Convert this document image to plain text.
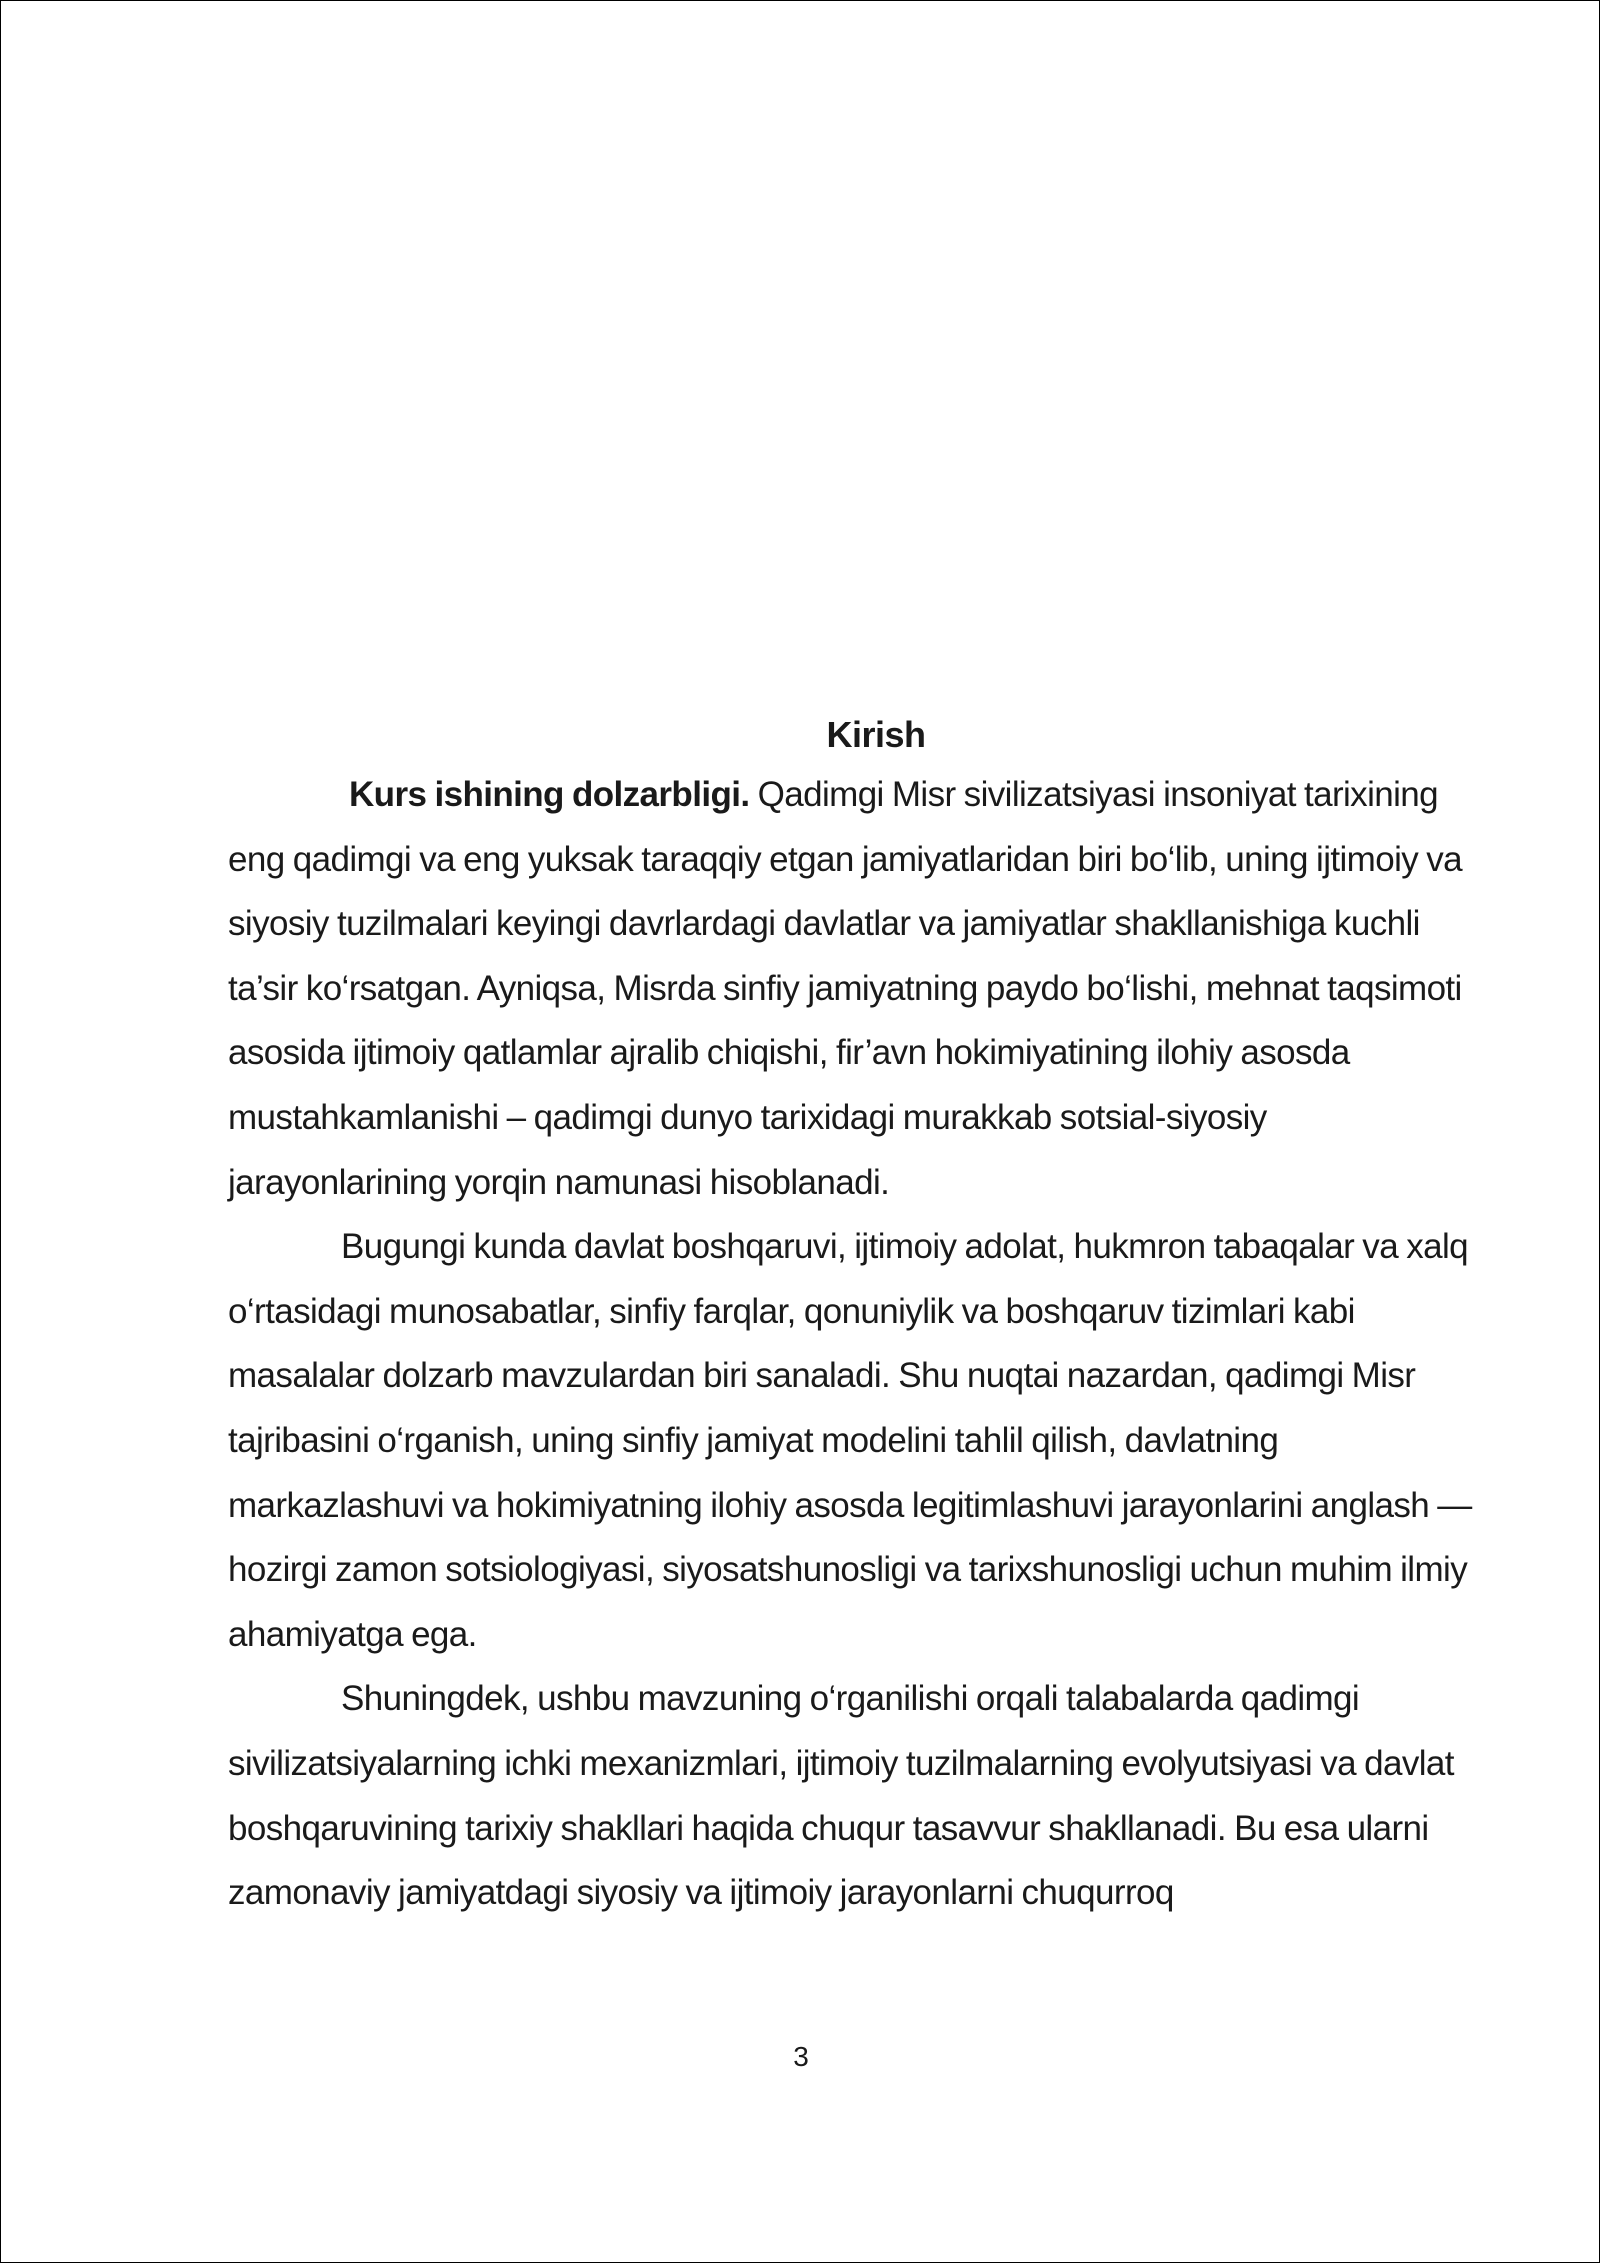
Kirish

Kurs ishining dolzarbligi. Qadimgi Misr sivilizatsiyasi insoniyat tarixining eng qadimgi va eng yuksak taraqqiy etgan jamiyatlaridan biri bo‘lib, uning ijtimoiy va siyosiy tuzilmalari keyingi davrlardagi davlatlar va jamiyatlar shakllanishiga kuchli ta’sir ko‘rsatgan. Ayniqsa, Misrda sinfiy jamiyatning paydo bo‘lishi, mehnat taqsimoti asosida ijtimoiy qatlamlar ajralib chiqishi, fir’avn hokimiyatining ilohiy asosda mustahkamlanishi – qadimgi dunyo tarixidagi murakkab sotsial-siyosiy jarayonlarining yorqin namunasi hisoblanadi.

Bugungi kunda davlat boshqaruvi, ijtimoiy adolat, hukmron tabaqalar va xalq o‘rtasidagi munosabatlar, sinfiy farqlar, qonuniylik va boshqaruv tizimlari kabi masalalar dolzarb mavzulardan biri sanaladi. Shu nuqtai nazardan, qadimgi Misr tajribasini o‘rganish, uning sinfiy jamiyat modelini tahlil qilish, davlatning markazlashuvi va hokimiyatning ilohiy asosda legitimlashuvi jarayonlarini anglash — hozirgi zamon sotsiologiyasi, siyosatshunosligi va tarixshunosligi uchun muhim ilmiy ahamiyatga ega.

Shuningdek, ushbu mavzuning o‘rganilishi orqali talabalarda qadimgi sivilizatsiyalarning ichki mexanizmlari, ijtimoiy tuzilmalarning evolyutsiyasi va davlat boshqaruvining tarixiy shakllari haqida chuqur tasavvur shakllanadi. Bu esa ularni zamonaviy jamiyatdagi siyosiy va ijtimoiy jarayonlarni chuqurroq

3
